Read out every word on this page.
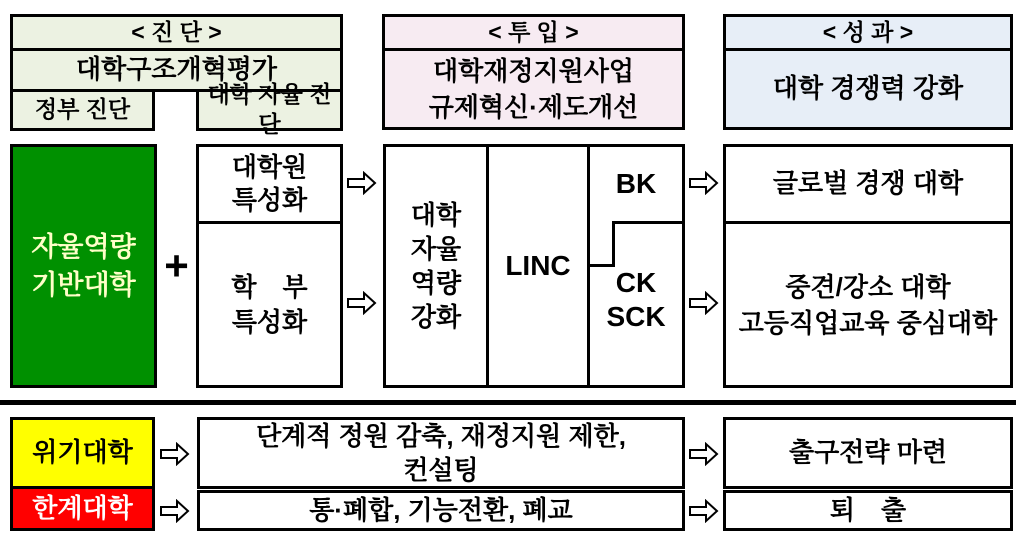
< 진 단 >
대학구조개혁평가
정부 진단
대학 자율 진단
< 투 입 >
대학재정지원사업
규제혁신·제도개선
< 성 과 >
대학 경쟁력 강화
자율역량
기반대학 +
대학원
특성화
학　부
특성화
대학
자율
역량
강화
LINC
BK
CK
SCK
글로벌 경쟁 대학
중견/강소 대학
고등직업교육 중심대학
위기대학
한계대학
단계적 정원 감축, 재정지원 제한,
컨설팅
통·폐합, 기능전환, 폐교
출구전략 마련
퇴　출
